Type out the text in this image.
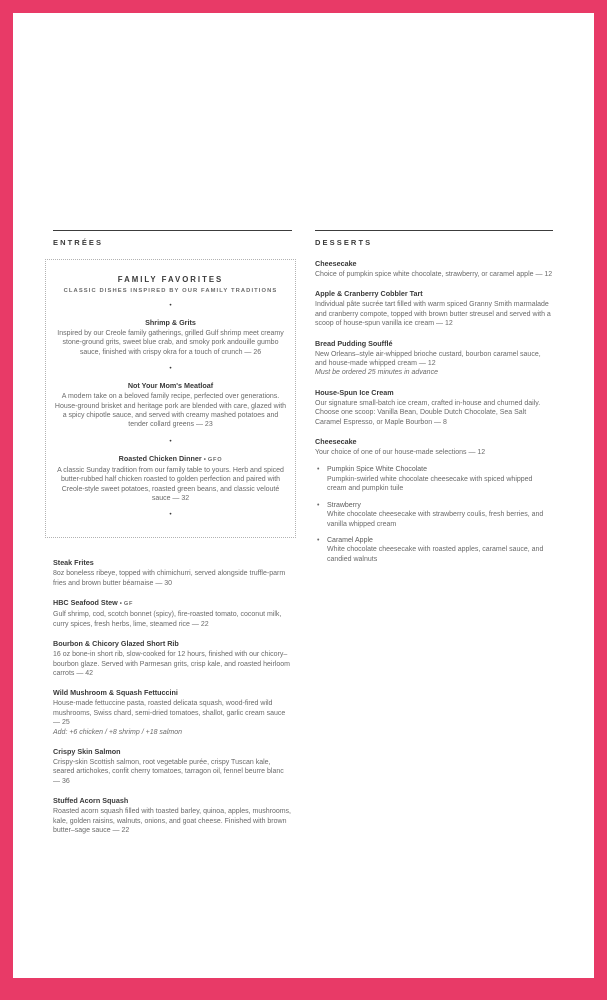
ENTRÉES
FAMILY FAVORITES
CLASSIC DISHES INSPIRED BY OUR FAMILY TRADITIONS
•
Shrimp & Grits
Inspired by our Creole family gatherings, grilled Gulf shrimp meet creamy stone-ground grits, sweet blue crab, and smoky pork andouille gumbo sauce, finished with crispy okra for a touch of crunch — 26
•
Not Your Mom's Meatloaf
A modern take on a beloved family recipe, perfected over generations. House-ground brisket and heritage pork are blended with care, glazed with a spicy chipotle sauce, and served with creamy mashed potatoes and tender collard greens — 23
•
Roasted Chicken Dinner • GFO
A classic Sunday tradition from our family table to yours. Herb and spiced butter-rubbed half chicken roasted to golden perfection and paired with Creole-style sweet potatoes, roasted green beans, and classic velouté sauce — 32
•
Steak Frites
8oz boneless ribeye, topped with chimichurri, served alongside truffle-parm fries and brown butter béarnaise — 30
HBC Seafood Stew • GF
Gulf shrimp, cod, scotch bonnet (spicy), fire-roasted tomato, coconut milk, curry spices, fresh herbs, lime, steamed rice — 22
Bourbon & Chicory Glazed Short Rib
16 oz bone-in short rib, slow-cooked for 12 hours, finished with our chicory–bourbon glaze. Served with Parmesan grits, crisp kale, and roasted heirloom carrots — 42
Wild Mushroom & Squash Fettuccini
House-made fettuccine pasta, roasted delicata squash, wood-fired wild mushrooms, Swiss chard, semi-dried tomatoes, shallot, garlic cream sauce — 25
Add: +6 chicken / +8 shrimp / +18 salmon
Crispy Skin Salmon
Crispy-skin Scottish salmon, root vegetable purée, crispy Tuscan kale, seared artichokes, confit cherry tomatoes, tarragon oil, fennel beurre blanc — 36
Stuffed Acorn Squash
Roasted acorn squash filled with toasted barley, quinoa, apples, mushrooms, kale, golden raisins, walnuts, onions, and goat cheese. Finished with brown butter–sage sauce — 22
DESSERTS
Cheesecake
Choice of pumpkin spice white chocolate, strawberry, or caramel apple — 12
Apple & Cranberry Cobbler Tart
Individual pâte sucrée tart filled with warm spiced Granny Smith marmalade and cranberry compote, topped with brown butter streusel and served with a scoop of house-spun vanilla ice cream — 12
Bread Pudding Soufflé
New Orleans–style air-whipped brioche custard, bourbon caramel sauce, and house-made whipped cream — 12
Must be ordered 25 minutes in advance
House-Spun Ice Cream
Our signature small-batch ice cream, crafted in-house and churned daily. Choose one scoop: Vanilla Bean, Double Dutch Chocolate, Sea Salt Caramel Espresso, or Maple Bourbon — 8
Cheesecake
Your choice of one of our house-made selections — 12
•	Pumpkin Spice White Chocolate
Pumpkin-swirled white chocolate cheesecake with spiced whipped cream and pumpkin tuile
•	Strawberry
White chocolate cheesecake with strawberry coulis, fresh berries, and vanilla whipped cream
•	Caramel Apple
White chocolate cheesecake with roasted apples, caramel sauce, and candied walnuts
